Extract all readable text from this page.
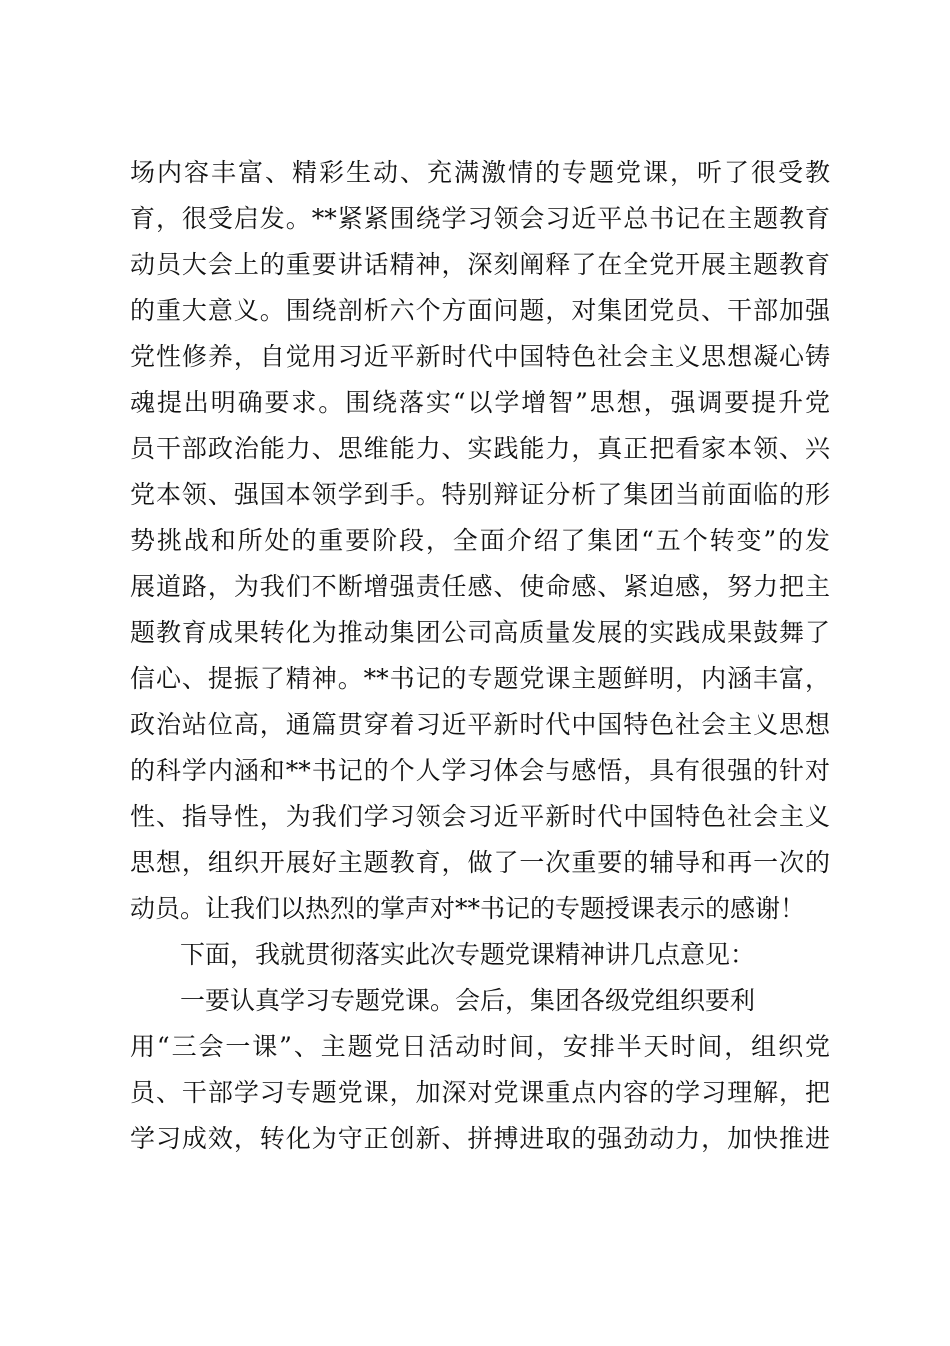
场内容丰富、精彩生动、充满激情的专题党课，听了很受教
育，很受启发。**紧紧围绕学习领会习近平总书记在主题教育
动员大会上的重要讲话精神，深刻阐释了在全党开展主题教育
的重大意义。围绕剖析六个方面问题，对集团党员、干部加强
党性修养，自觉用习近平新时代中国特色社会主义思想凝心铸
魂提出明确要求。围绕落实“以学增智”思想，强调要提升党
员干部政治能力、思维能力、实践能力，真正把看家本领、兴
党本领、强国本领学到手。特别辩证分析了集团当前面临的形
势挑战和所处的重要阶段，全面介绍了集团“五个转变”的发
展道路，为我们不断增强责任感、使命感、紧迫感，努力把主
题教育成果转化为推动集团公司高质量发展的实践成果鼓舞了
信心、提振了精神。**书记的专题党课主题鲜明，内涵丰富，
政治站位高，通篇贯穿着习近平新时代中国特色社会主义思想
的科学内涵和**书记的个人学习体会与感悟，具有很强的针对
性、指导性，为我们学习领会习近平新时代中国特色社会主义
思想，组织开展好主题教育，做了一次重要的辅导和再一次的
动员。让我们以热烈的掌声对**书记的专题授课表示的感谢！
下面，我就贯彻落实此次专题党课精神讲几点意见：
一要认真学习专题党课。会后，集团各级党组织要利
用“三会一课”、主题党日活动时间，安排半天时间，组织党
员、干部学习专题党课，加深对党课重点内容的学习理解，把
学习成效，转化为守正创新、拼搏进取的强劲动力，加快推进
